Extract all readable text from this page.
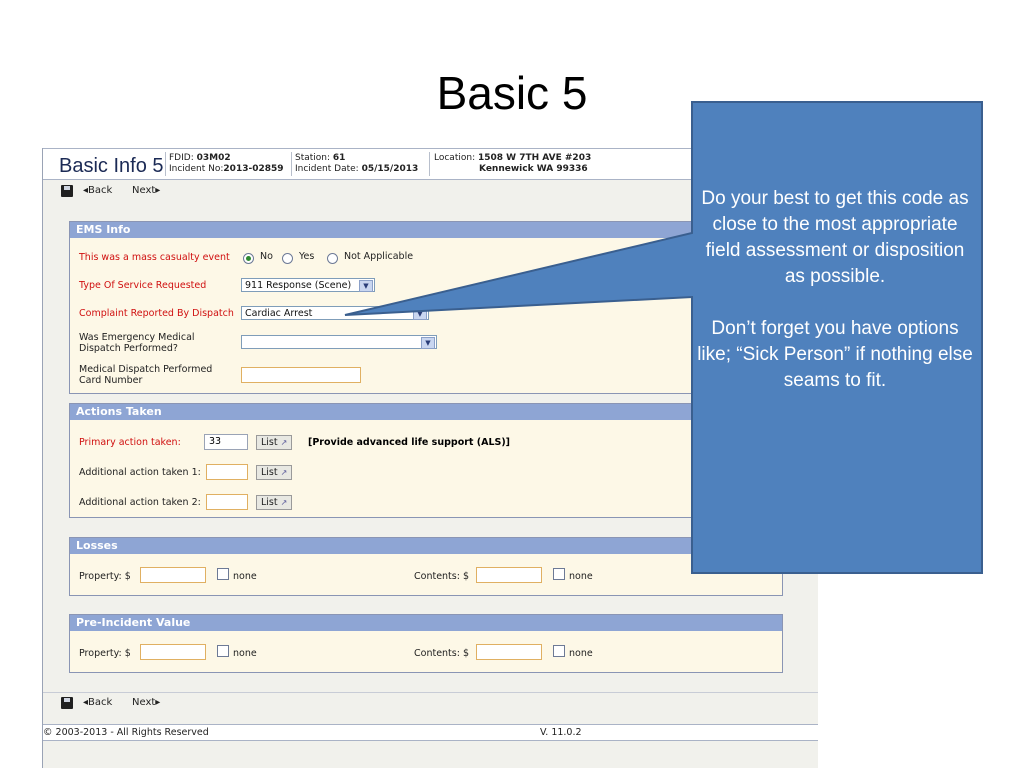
Basic 5
Basic Info 5 FDID: 03M02
Incident No:2013-02859
Station: 61
Incident Date: 05/15/2013
Location: 1508 W 7TH AVE #203
Kennewick WA 99336
◂Back Next▸
EMS Info
This was a mass casualty event	No	Yes	Not Applicable
Type Of Service Requested	911 Response (Scene)	▼
Complaint Reported By Dispatch	Cardiac Arrest	▼
Was Emergency Medical
Dispatch Performed?	▼
Medical Dispatch Performed
Card Number
Actions Taken
Primary action taken:	33	List ↗	[Provide advanced life support (ALS)]
Additional action taken 1:	List ↗
Additional action taken 2:	List ↗
Losses
Property: $	none	Contents: $	none
Pre-Incident Value
Property: $	none	Contents: $	none
◂Back Next▸
© 2003-2013 - All Rights Reserved	V. 11.0.2

Do your best to get this code as close to the most appropriate field assessment or disposition as possible.

Don’t forget you have options like; “Sick Person” if nothing else seams to fit.
